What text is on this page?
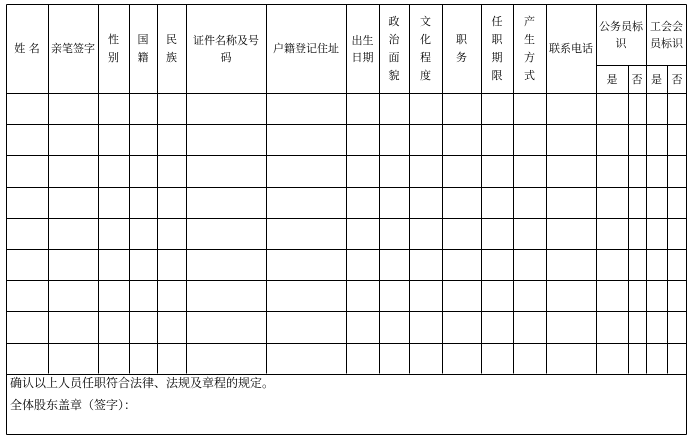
姓 名	亲笔签字
性别
国籍
民族
证件名称及号码
户籍登记住址
出生日期
政治面貌
文化程度
职务
任职期限
产生方式
联系电话
公务员标识
是	否
工会会员标识
是 否
确认以上人员任职符合法律、法规及章程的规定。
全体股东盖章（签字）：
